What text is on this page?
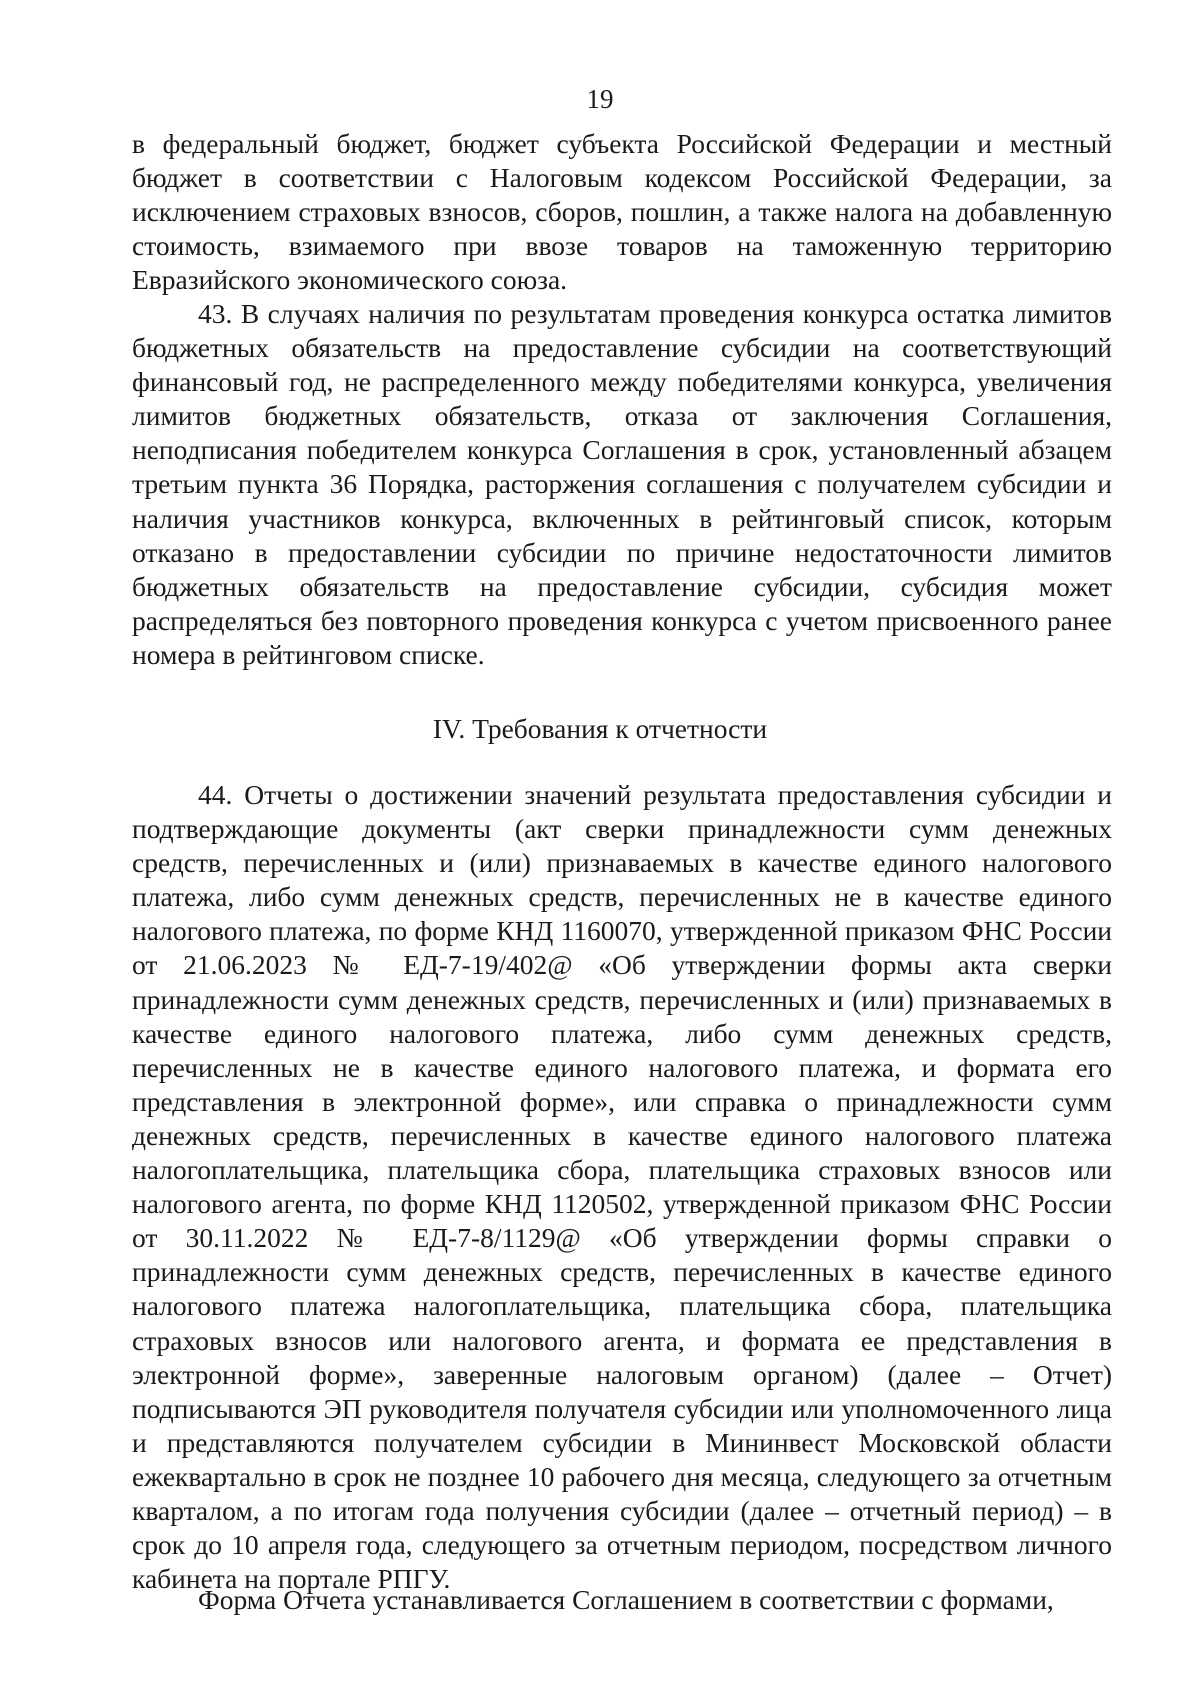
19

в федеральный бюджет, бюджет субъекта Российской Федерации и местный бюджет в соответствии с Налоговым кодексом Российской Федерации, за исключением страховых взносов, сборов, пошлин, а также налога на добавленную стоимость, взимаемого при ввозе товаров на таможенную территорию Евразийского экономического союза.

43. В случаях наличия по результатам проведения конкурса остатка лимитов бюджетных обязательств на предоставление субсидии на соответствующий финансовый год, не распределенного между победителями конкурса, увеличения лимитов бюджетных обязательств, отказа от заключения Соглашения, неподписания победителем конкурса Соглашения в срок, установленный абзацем третьим пункта 36 Порядка, расторжения соглашения с получателем субсидии и наличия участников конкурса, включенных в рейтинговый список, которым отказано в предоставлении субсидии по причине недостаточности лимитов бюджетных обязательств на предоставление субсидии, субсидия может распределяться без повторного проведения конкурса с учетом присвоенного ранее номера в рейтинговом списке.

IV. Требования к отчетности

44. Отчеты о достижении значений результата предоставления субсидии и подтверждающие документы (акт сверки принадлежности сумм денежных средств, перечисленных и (или) признаваемых в качестве единого налогового платежа, либо сумм денежных средств, перечисленных не в качестве единого налогового платежа, по форме КНД 1160070, утвержденной приказом ФНС России от 21.06.2023 № ЕД-7-19/402@ «Об утверждении формы акта сверки принадлежности сумм денежных средств, перечисленных и (или) признаваемых в качестве единого налогового платежа, либо сумм денежных средств, перечисленных не в качестве единого налогового платежа, и формата его представления в электронной форме», или справка о принадлежности сумм денежных средств, перечисленных в качестве единого налогового платежа налогоплательщика, плательщика сбора, плательщика страховых взносов или налогового агента, по форме КНД 1120502, утвержденной приказом ФНС России от 30.11.2022 № ЕД-7-8/1129@ «Об утверждении формы справки о принадлежности сумм денежных средств, перечисленных в качестве единого налогового платежа налогоплательщика, плательщика сбора, плательщика страховых взносов или налогового агента, и формата ее представления в электронной форме», заверенные налоговым органом) (далее – Отчет) подписываются ЭП руководителя получателя субсидии или уполномоченного лица и представляются получателем субсидии в Мининвест Московской области ежеквартально в срок не позднее 10 рабочего дня месяца, следующего за отчетным кварталом, а по итогам года получения субсидии (далее – отчетный период) – в срок до 10 апреля года, следующего за отчетным периодом, посредством личного кабинета на портале РПГУ.

Форма Отчета устанавливается Соглашением в соответствии с формами,
